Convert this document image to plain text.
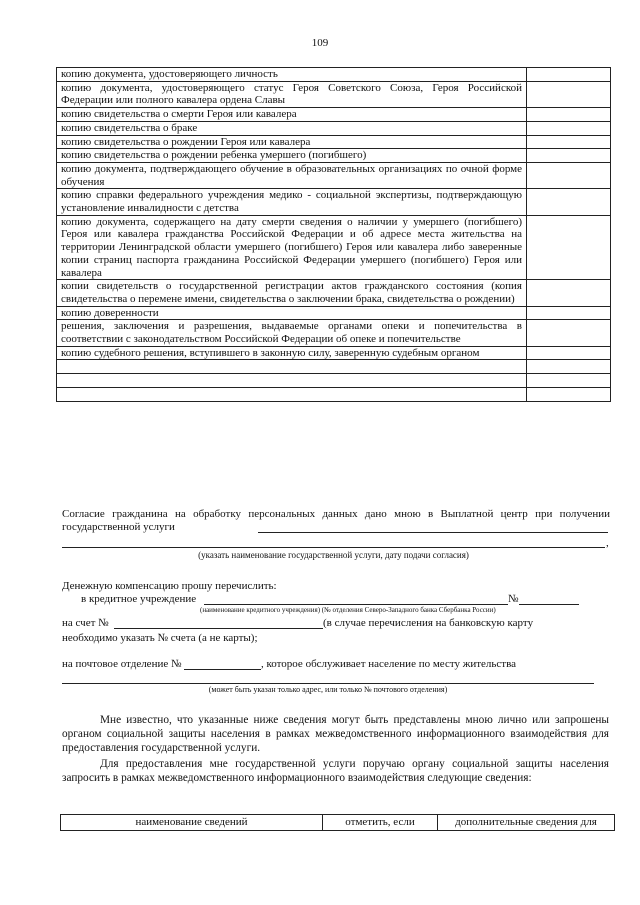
109
копию документа, удостоверяющего личность	
копию документа, удостоверяющего статус Героя Советского Союза, Героя Российской Федерации или полного кавалера ордена Славы	
копию свидетельства о смерти Героя или кавалера	
копию свидетельства о браке	
копию свидетельства о рождении Героя или кавалера	
копию свидетельства о рождении ребенка умершего (погибшего)	
копию документа, подтверждающего обучение в образовательных организациях по очной форме обучения	
копию справки федерального учреждения медико - социальной экспертизы, подтверждающую установление инвалидности с детства	
копию документа, содержащего на дату смерти сведения о наличии у умершего (погибшего) Героя или кавалера гражданства Российской Федерации и об адресе места жительства на территории Ленинградской области умершего (погибшего) Героя или кавалера либо заверенные копии страниц паспорта гражданина Российской Федерации умершего (погибшего) Героя или кавалера	
копии свидетельств о государственной регистрации актов гражданского состояния (копия свидетельства о перемене имени, свидетельства о заключении брака, свидетельства о рождении)	
копию доверенности	
решения, заключения и разрешения, выдаваемые органами опеки и попечительства в соответствии с законодательством Российской Федерации об опеке и попечительстве	
копию судебного решения, вступившего в законную силу, заверенную судебным органом	

Согласие гражданина на обработку персональных данных дано мною в Выплатной центр при получении государственной услуги
,
(указать наименование государственной услуги, дату подачи согласия)
Денежную компенсацию прошу перечислить:
в кредитное учреждение	№
(наименование кредитного учреждения) (№ отделения Северо-Западного банка Сбербанка России)
на счет №	(в случае перечисления на банковскую карту
необходимо указать № счета (а не карты);
на почтовое отделение №	, которое обслуживает население по месту жительства
(может быть указан только адрес, или только № почтового отделения)
Мне известно, что указанные ниже сведения могут быть представлены мною лично или запрошены органом социальной защиты населения в рамках межведомственного информационного взаимодействия для предоставления государственной услуги.
Для предоставления мне государственной услуги поручаю органу социальной защиты населения запросить в рамках межведомственного информационного взаимодействия следующие сведения:
наименование сведений	отметить, если	дополнительные сведения для
